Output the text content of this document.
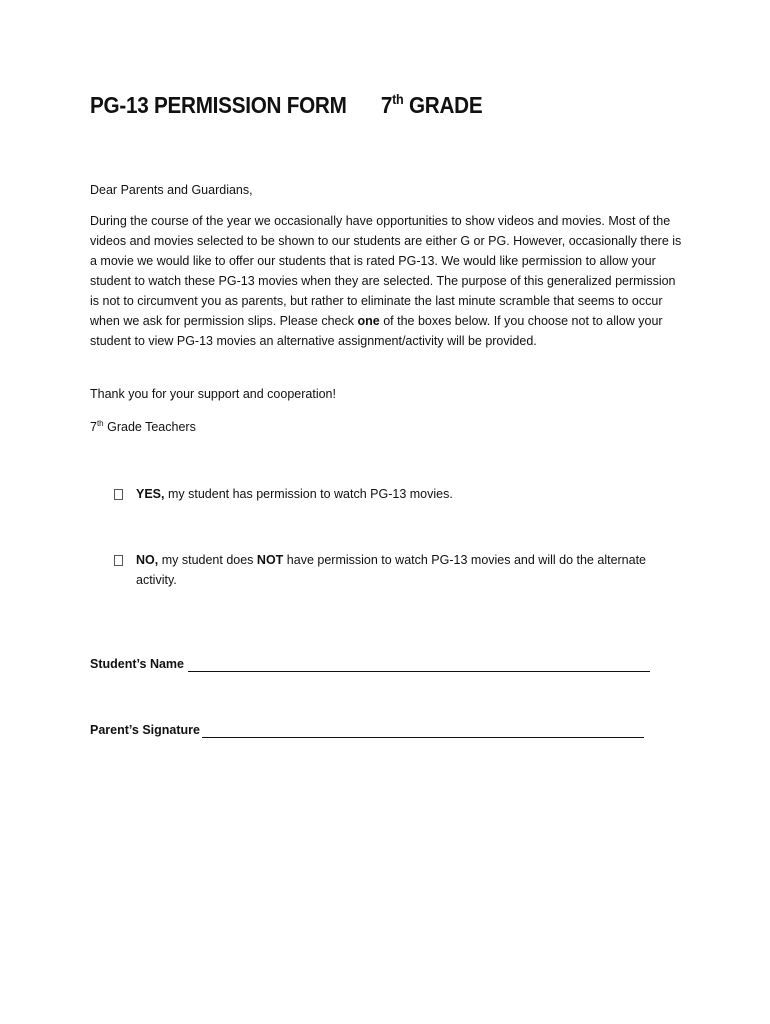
PG-13 PERMISSION FORM 7th GRADE
Dear Parents and Guardians,
During the course of the year we occasionally have opportunities to show videos and movies. Most of the videos and movies selected to be shown to our students are either G or PG. However, occasionally there is a movie we would like to offer our students that is rated PG-13. We would like permission to allow your student to watch these PG-13 movies when they are selected. The purpose of this generalized permission is not to circumvent you as parents, but rather to eliminate the last minute scramble that seems to occur when we ask for permission slips. Please check one of the boxes below. If you choose not to allow your student to view PG-13 movies an alternative assignment/activity will be provided.
Thank you for your support and cooperation!
7th Grade Teachers
YES, my student has permission to watch PG-13 movies.
NO, my student does NOT have permission to watch PG-13 movies and will do the alternate activity.
Student’s Name
Parent’s Signature
